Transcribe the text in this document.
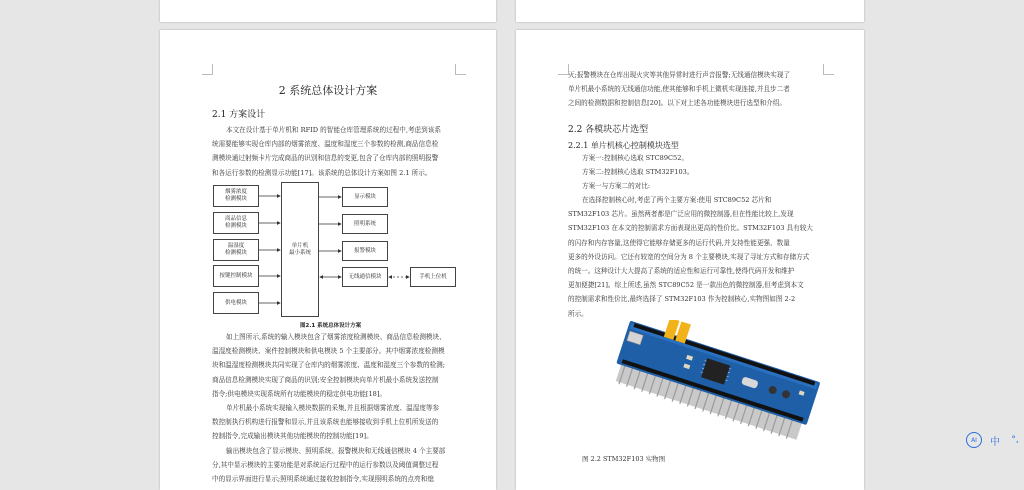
2 系统总体设计方案
2.1 方案设计

本文在设计基于单片机和 RFID 的智能仓库管理系统的过程中,考虑到该系

统需要能够实现仓库内部的烟雾浓度、温度和湿度三个参数的检测,商品信息检

测模块通过射频卡片完成商品的识别和信息的变更,包含了仓库内部的照明报警

和各运行参数的检测显示功能[17]。该系统的总体设计方案如图 2.1 所示。

烟雾浓度
检测模块
商品信息
检测模块
温湿度
检测模块
按键控制模块
供电模块
单片机
最小系统
显示模块
照明系统
报警模块
无线通信模块	手机上位机
图2.1 系统总体设计方案

如上图所示,系统的输入模块包含了烟雾浓度检测模块、商品信息检测模块、

温湿度检测模块、案件控制模块和供电模块 5 个主要部分。其中烟雾浓度检测模

块和温湿度检测模块共同实现了仓库内的烟雾浓度、温度和湿度三个参数的检测;

商品信息检测模块实现了商品的识别;安全控制模块向单片机最小系统发送控制

指令;供电模块实现系统所有功能模块的稳定供电功能[18]。

单片机最小系统实现输入模块数据的采集,并且根据烟雾浓度、温湿度等参

数控制执行机构进行报警和显示,并且该系统也能够接收到手机上位机所发送的

控制指令,完成输出模块其他功能模块的控制功能[19]。

输出模块包含了显示模块、照明系统、报警模块和无线通信模块 4 个主要部

分,其中显示模块的主要功能是对系统运行过程中的运行参数以及阈值调整过程

中的显示界面进行显示;照明系统通过接收控制指令,实现照明系统的点亮和熄

灭;报警模块在仓库出现火灾等其他异常时进行声音报警;无线通信模块实现了

单片机最小系统的无线通信功能,使其能够和手机上微机实现连接,并且步二者

之间的检测数据和控制信息[20]。以下对上述各功能模块进行选型和介绍。

2.2 各模块芯片选型
2.2.1 单片机核心控制模块选型

方案一:控制核心选取 STC89C52。

方案二:控制核心选取 STM32F103。

方案一与方案二的对比:

在选择控制核心时,考虑了两个主要方案:使用 STC89C52 芯片和

STM32F103 芯片。虽然两者都是广泛应用的微控制器,但在性能比较上,发现

STM32F103 在本文的控制需求方面表现出更高的性价比。STM32F103 具有较大

的闪存和内存容量,这使得它能够存储更多的运行代码,并支持性能更强、数量

更多的外设访问。它还有较宽的空间分为 8 个主要模块,实现了寻址方式和存储方式

的统一。这种设计大大提高了系统的适应性和运行可靠性,使得代码开发和维护

更加便捷[21]。综上所述,虽然 STC89C52 是一款出色的微控制器,但考虑到本文

的控制需求和性价比,最终选择了 STM32F103 作为控制核心,实物图如图 2-2

所示。

图 2.2 STM32F103 实物图
AI	中	°,
